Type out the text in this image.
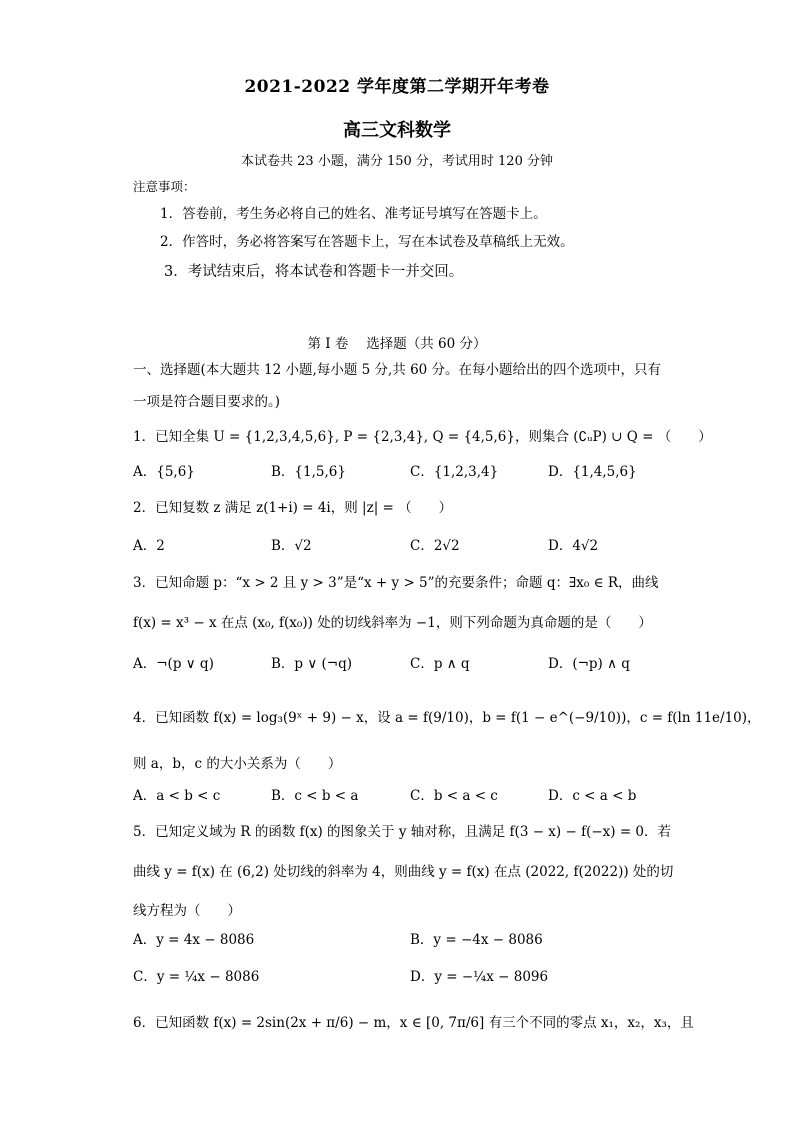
2021-2022 学年度第二学期开年考卷
高三文科数学
本试卷共 23 小题，满分 150 分，考试用时 120 分钟
注意事项：
1．答卷前，考生务必将自己的姓名、准考证号填写在答题卡上。
2．作答时，务必将答案写在答题卡上，写在本试卷及草稿纸上无效。
3．考试结束后，将本试卷和答题卡一并交回。
第 I 卷　 选择题（共 60 分）
一、选择题(本大题共 12 小题,每小题 5 分,共 60 分。在每小题给出的四个选项中，只有
一项是符合题目要求的。)
1．已知全集 U = {1,2,3,4,5,6}, P = {2,3,4}, Q = {4,5,6}，则集合 (∁ᵤP) ∪ Q = （　　）
A．{5,6}	B．{1,5,6}	C．{1,2,3,4}	D．{1,4,5,6}
2．已知复数 z 满足 z(1+i) = 4i，则 |z| = （　　）
A．2	B．√2	C．2√2	D．4√2
3．已知命题 p：“x > 2 且 y > 3”是“x + y > 5”的充要条件；命题 q：∃x₀ ∈ R，曲线
f(x) = x³ − x 在点 (x₀, f(x₀)) 处的切线斜率为 −1，则下列命题为真命题的是（　　）
A．¬(p ∨ q)	B．p ∨ (¬q)	C．p ∧ q	D．(¬p) ∧ q
4．已知函数 f(x) = log₃(9ˣ + 9) − x，设 a = f(9/10)，b = f(1 − e^(−9/10))，c = f(ln 11e/10)，
则 a，b，c 的大小关系为（　　）
A．a < b < c	B．c < b < a	C．b < a < c	D．c < a < b
5．已知定义域为 R 的函数 f(x) 的图象关于 y 轴对称，且满足 f(3 − x) − f(−x) = 0．若
曲线 y = f(x) 在 (6,2) 处切线的斜率为 4，则曲线 y = f(x) 在点 (2022, f(2022)) 处的切
线方程为（　　）
A．y = 4x − 8086	B．y = −4x − 8086
C．y = ¼x − 8086	D．y = −¼x − 8096
6．已知函数 f(x) = 2sin(2x + π/6) − m，x ∈ [0, 7π/6] 有三个不同的零点 x₁，x₂，x₃，且
